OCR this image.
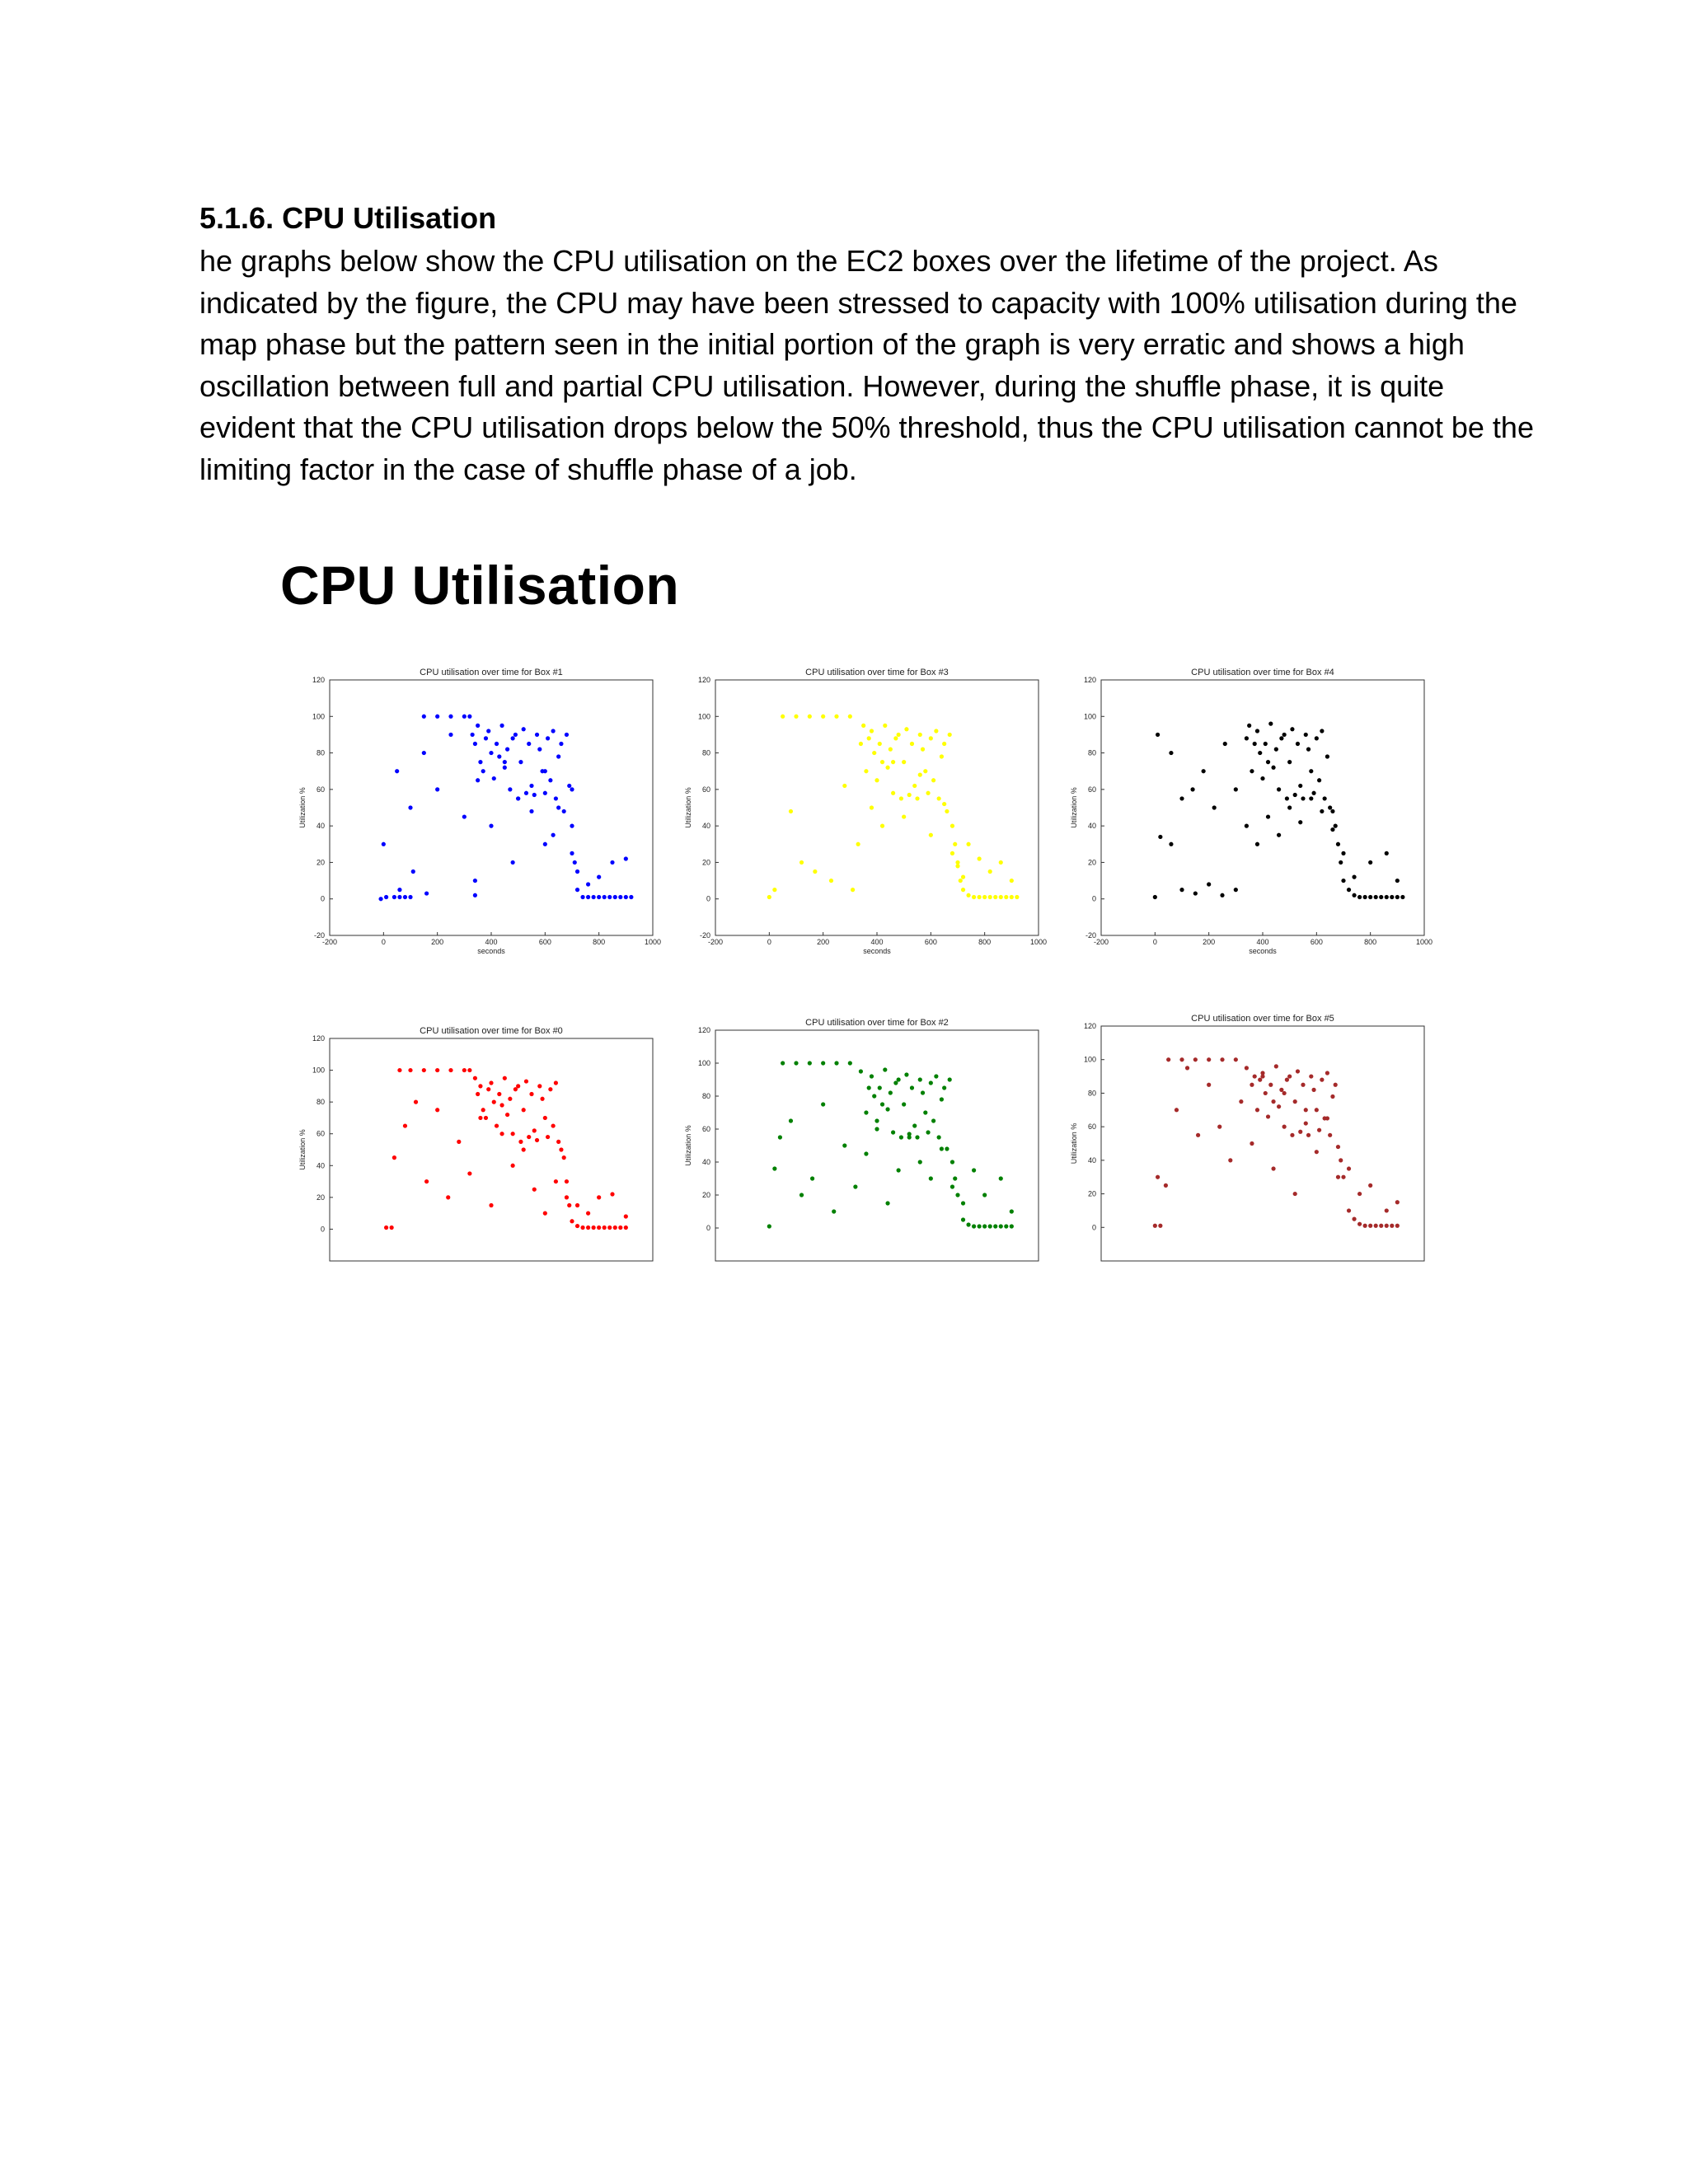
5.1.6. CPU Utilisation

he graphs below show the CPU utilisation on the EC2 boxes over the lifetime of the project. As indicated by the figure, the CPU may have been stressed to capacity with 100% utilisation during the map phase but the pattern seen in the initial portion of the graph is very erratic and shows a high oscillation between full and partial CPU utilisation. However, during the shuffle phase, it is quite evident that the CPU utilisation drops below the 50% threshold, thus the CPU utilisation cannot be the limiting factor in the case of shuffle phase of a job.

CPU Utilisation
CPU utilisation over time for Box #1
Utilization %
-20
0
20
40
60
80
100
120
-200	0	200	400	600	800	1000
seconds
CPU utilisation over time for Box #3
Utilization %
-20
0
20
40
60
80
100
120
-200	0	200	400	600	800	1000
seconds
CPU utilisation over time for Box #4
Utilization %
-20
0
20
40
60
80
100
120
-200	0	200	400	600	800	1000
seconds
CPU utilisation over time for Box #0
Utilization %
0
20
40
60
80
100
120
CPU utilisation over time for Box #2
Utilization %
0
20
40
60
80
100
120
CPU utilisation over time for Box #5
Utilization %
0
20
40
60
80
100
120
